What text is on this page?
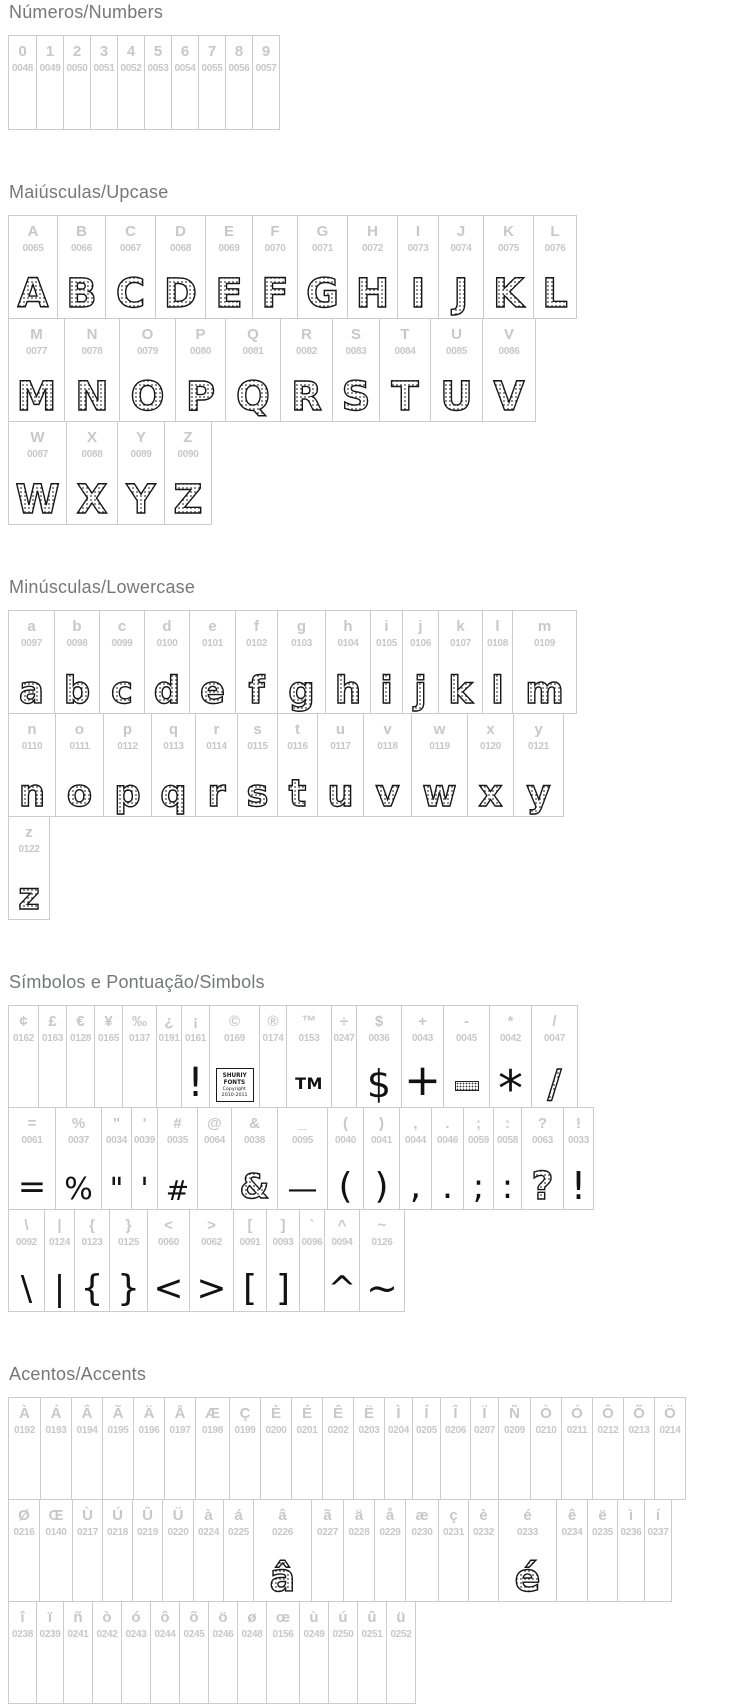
Números/Numbers
0
0048
1
0049
2
0050
3
0051
4
0052
5
0053
6
0054
7
0055
8
0056
9
0057
Maiúsculas/Upcase
A
0065
A
B
0066
B
C
0067
C
D
0068
D
E
0069
E
F
0070
F
G
0071
G
H
0072
H
I
0073
I
J
0074
J
K
0075
K
L
0076
L
M
0077
M
N
0078
N
O
0079
O
P
0080
P
Q
0081
Q
R
0082
R
S
0083
S
T
0084
T
U
0085
U
V
0086
V
W
0087
W
X
0088
X
Y
0089
Y
Z
0090
Z
Minúsculas/Lowercase
a
0097
a
b
0098
b
c
0099
c
d
0100
d
e
0101
e
f
0102
f
g
0103
g
h
0104
h
i
0105
i
j
0106
j
k
0107
k
l
0108
l
m
0109
m
n
0110
n
o
0111
o
p
0112
p
q
0113
q
r
0114
r
s
0115
s
t
0116
t
u
0117
u
v
0118
v
w
0119
w
x
0120
x
y
0121
y
z
0122
z
Símbolos e Pontuação/Simbols
¢
0162
£
0163
€
0128
¥
0165
‰
0137
¿
0191
¡
0161
!
©
0169
SHURIY
FONTS
Copyright
2010-2011
®
0174
™
0153
TM
÷
0247
$
0036
$
+
0043
+
-
0045
*
0042
*
/
0047
/
=
0061
=
%
0037
%
"
0034
"
'
0039
'
#
0035
#
@
0064
&
0038
&
_
0095
—
(
0040
(
)
0041
)
,
0044
,
.
0046
.
;
0059
;
:
0058
:
?
0063
?
!
0033
!
\
0092
\
|
0124
|
{
0123
{
}
0125
}
<
0060
<
>
0062
>
[
0091
[
]
0093
]
`
0096
^
0094
^
~
0126
~
Acentos/Accents
À
0192
Á
0193
Â
0194
Ã
0195
Ä
0196
Å
0197
Æ
0198
Ç
0199
È
0200
É
0201
Ê
0202
Ë
0203
Ì
0204
Í
0205
Î
0206
Ï
0207
Ñ
0209
Ò
0210
Ó
0211
Ô
0212
Õ
0213
Ö
0214
Ø
0216
Œ
0140
Ù
0217
Ú
0218
Û
0219
Ü
0220
à
0224
á
0225
â
0226
â
ã
0227
ä
0228
å
0229
æ
0230
ç
0231
è
0232
é
0233
é
ê
0234
ë
0235
ì
0236
í
0237
î
0238
ï
0239
ñ
0241
ò
0242
ó
0243
ô
0244
õ
0245
ö
0246
ø
0248
œ
0156
ù
0249
ú
0250
û
0251
ü
0252
